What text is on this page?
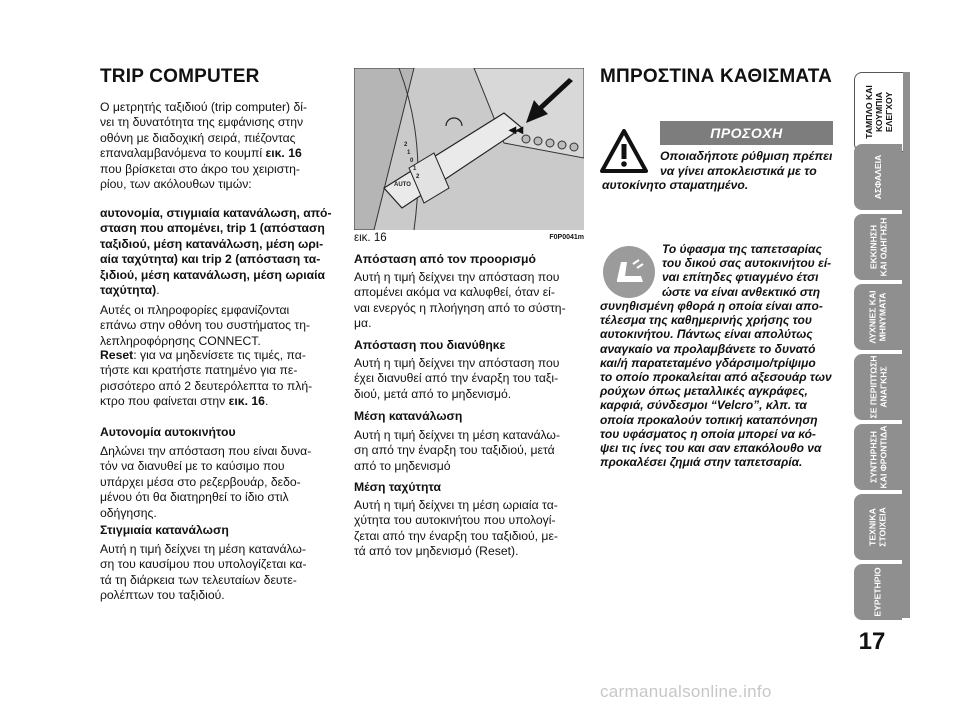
TRIP COMPUTER
Ο μετρητής ταξιδιού (trip computer) δί-
νει τη δυνατότητα της εμφάνισης στην
οθόνη με διαδοχική σειρά, πιέζοντας
επαναλαμβανόμενα το κουμπί εικ. 16
που βρίσκεται στο άκρο του χειριστη-
ρίου, των ακόλουθων τιμών:
αυτονομία, στιγμιαία κατανάλωση, από-
σταση που απομένει, trip 1 (απόσταση
ταξιδιού, μέση κατανάλωση, μέση ωρι-
αία ταχύτητα) και trip 2 (απόσταση τα-
ξιδιού, μέση κατανάλωση, μέση ωριαία
ταχύτητα).
Αυτές οι πληροφορίες εμφανίζονται
επάνω στην οθόνη του συστήματος τη-
λεπληροφόρησης CONNECT.
Reset: για να μηδενίσετε τις τιμές, πα-
τήστε και κρατήστε πατημένο για πε-
ρισσότερο από 2 δευτερόλεπτα το πλή-
κτρο που φαίνεται στην εικ. 16.
Αυτονομία αυτοκινήτου
Δηλώνει την απόσταση που είναι δυνα-
τόν να διανυθεί με το καύσιμο που
υπάρχει μέσα στο ρεζερβουάρ, δεδο-
μένου ότι θα διατηρηθεί το ίδιο στιλ
οδήγησης.
Στιγμιαία κατανάλωση
Αυτή η τιμή δείχνει τη μέση κατανάλω-
ση του καυσίμου που υπολογίζεται κα-
τά τη διάρκεια των τελευταίων δευτε-
ρολέπτων του ταξιδιού.
2
1
0
1
2
AUTO
◂◂
εικ. 16	F0P0041m
Απόσταση από τον προορισμό
Αυτή η τιμή δείχνει την απόσταση που
απομένει ακόμα να καλυφθεί, όταν εί-
ναι ενεργός η πλοήγηση από το σύστη-
μα.
Απόσταση που διανύθηκε
Αυτή η τιμή δείχνει την απόσταση που
έχει διανυθεί από την έναρξη του ταξι-
διού, μετά από το μηδενισμό.
Μέση κατανάλωση
Αυτή η τιμή δείχνει τη μέση κατανάλω-
ση από την έναρξη του ταξιδιού, μετά
από το μηδενισμό
Μέση ταχύτητα
Αυτή η τιμή δείχνει τη μέση ωριαία τα-
χύτητα του αυτοκινήτου που υπολογί-
ζεται από την έναρξη του ταξιδιού, με-
τά από τον μηδενισμό (Reset).
ΜΠΡΟΣΤΙΝΑ ΚΑΘΙΣΜΑΤΑ
ΠΡΟΣΟΧΗ
Οποιαδήποτε ρύθμιση πρέπει
να γίνει αποκλειστικά με το
αυτοκίνητο σταματημένο.
Το ύφασμα της ταπετσαρίας
του δικού σας αυτοκινήτου εί-
ναι επίτηδες φτιαγμένο έτσι
ώστε να είναι ανθεκτικό στη
συνηθισμένη φθορά η οποία είναι απο-
τέλεσμα της καθημερινής χρήσης του
αυτοκινήτου. Πάντως είναι απολύτως
αναγκαίο να προλαμβάνετε το δυνατό
και/ή παρατεταμένο γδάρσιμο/τρίψιμο
το οποίο προκαλείται από αξεσουάρ των
ρούχων όπως μεταλλικές αγκράφες,
καρφιά, σύνδεσμοι “Velcro”, κλπ. τα
οποία προκαλούν τοπική καταπόνηση
του υφάσματος η οποία μπορεί να κό-
ψει τις ίνες του και σαν επακόλουθο να
προκαλέσει ζημιά στην ταπετσαρία.
ΤΑΜΠΛΟ ΚΑΙ
ΚΟΥΜΠΙΑ
ΕΛΕΓΧΟΥ
ΑΣΦΑΛΕΙΑ
ΕΚΚΙΝΗΣΗ
ΚΑΙ ΟΔΗΓΗΣΗ
ΛΥΧΝΙΕΣ ΚΑΙ
ΜΗΝΥΜΑΤΑ
ΣΕ ΠΕΡΙΠΤΩΣΗ
ΑΝΑΓΚΗΣ
ΣΥΝΤΗΡΗΣΗ
ΚΑΙ ΦΡΟΝΤΙΔΑ
ΤΕΧΝΙΚΑ
ΣΤΟΙΧΕΙΑ
ΕΥΡΕΤΗΡΙΟ
17
carmanualsonline.info
